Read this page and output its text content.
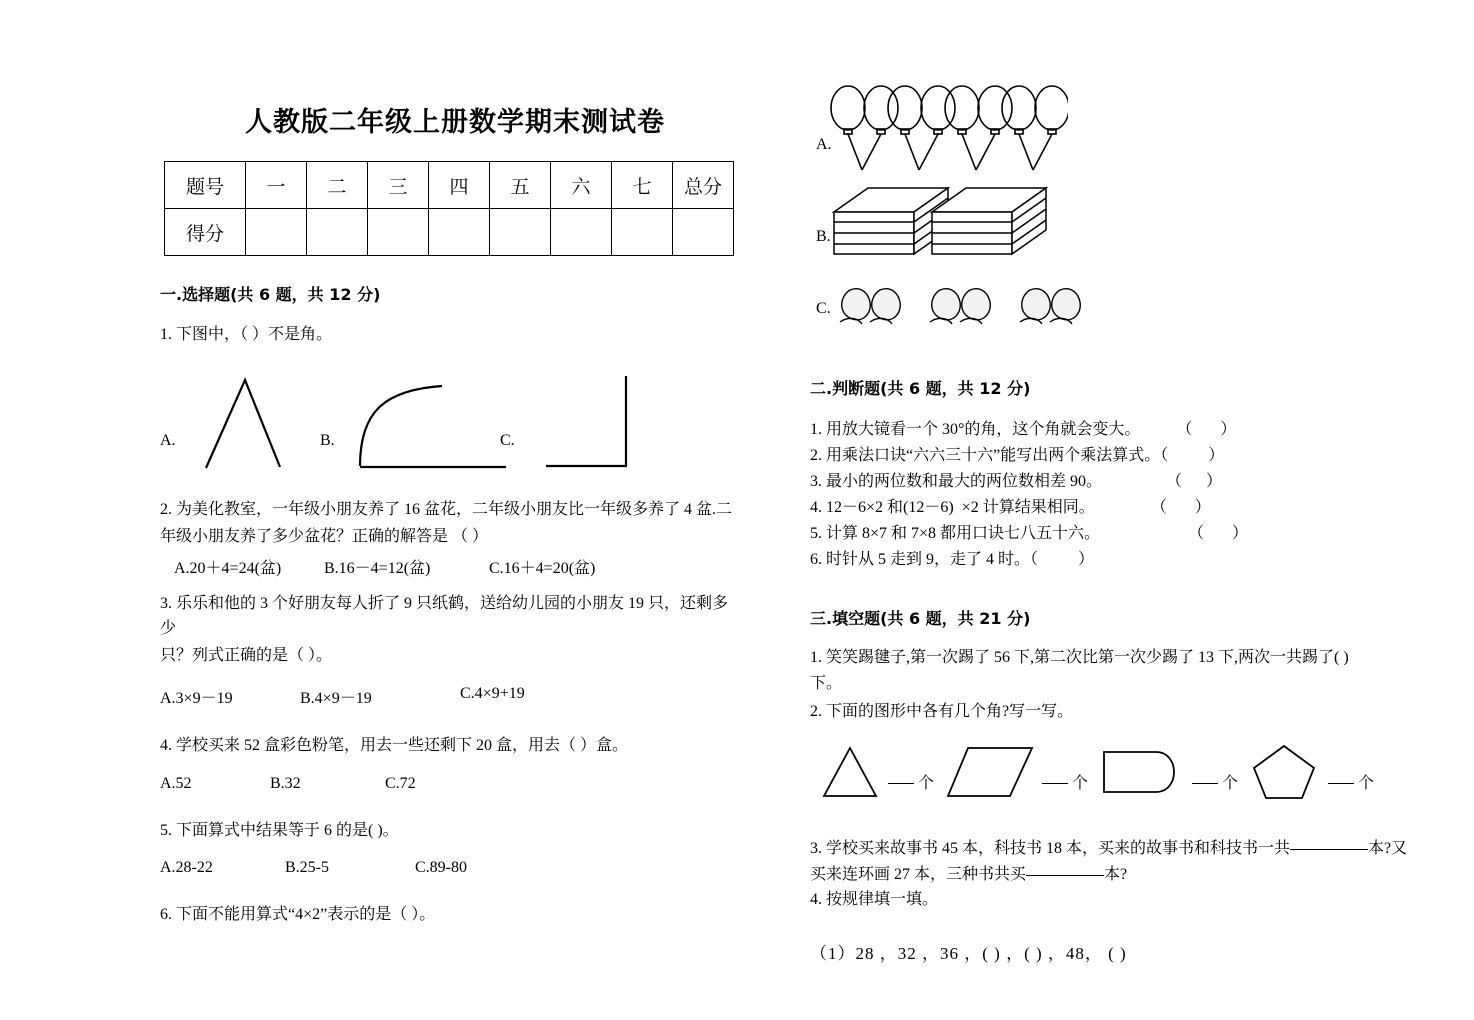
人教版二年级上册数学期末测试卷
题号	一	二	三	四	五	六	七	总分
得分								
一.选择题(共 6 题，共 12 分)
1. 下图中，（ ）不是角。
A.	B.	C.
2. 为美化教室，一年级小朋友养了 16 盆花，二年级小朋友比一年级多养了 4 盆.二
年级小朋友养了多少盆花？正确的解答是 （ ）
A.20＋4=24(盆)	B.16－4=12(盆)	C.16＋4=20(盆)
3. 乐乐和他的 3 个好朋友每人折了 9 只纸鹤，送给幼儿园的小朋友 19 只，还剩多少
只？列式正确的是（ ）。
A.3×9－19	B.4×9－19	C.4×9+19
4. 学校买来 52 盒彩色粉笔，用去一些还剩下 20 盒，用去（ ）盒。
A.52	B.32	C.72
5. 下面算式中结果等于 6 的是( )。
A.28-22	B.25-5	C.89-80
6. 下面不能用算式“4×2”表示的是（ ）。
A.
B.
C.
二.判断题(共 6 题，共 12 分)
1. 用放大镜看一个 30°的角，这个角就会变大。         （       ）
2. 用乘法口诀“六六三十六”能写出两个乘法算式。（          ）
3. 最小的两位数和最大的两位数相差 90。                （      ）
4. 12－6×2 和(12－6)  ×2 计算结果相同。              （       ）
5. 计算 8×7 和 7×8 都用口诀七八五十六。                      （       ）
6. 时针从 5 走到 9，走了 4 时。（          ）
三.填空题(共 6 题，共 21 分)
1. 笑笑踢毽子,第一次踢了 56 下,第二次比第一次少踢了 13 下,两次一共踢了( )
下。
2. 下面的图形中各有几个角?写一写。
个	个	个	个
3. 学校买来故事书 45 本，科技书 18 本，买来的故事书和科技书一共	本?又
买来连环画 27 本，三种书共买	本?
4. 按规律填一填。
（1）28 ，32 ，36 ，( ) ，( ) ，48， ( )
